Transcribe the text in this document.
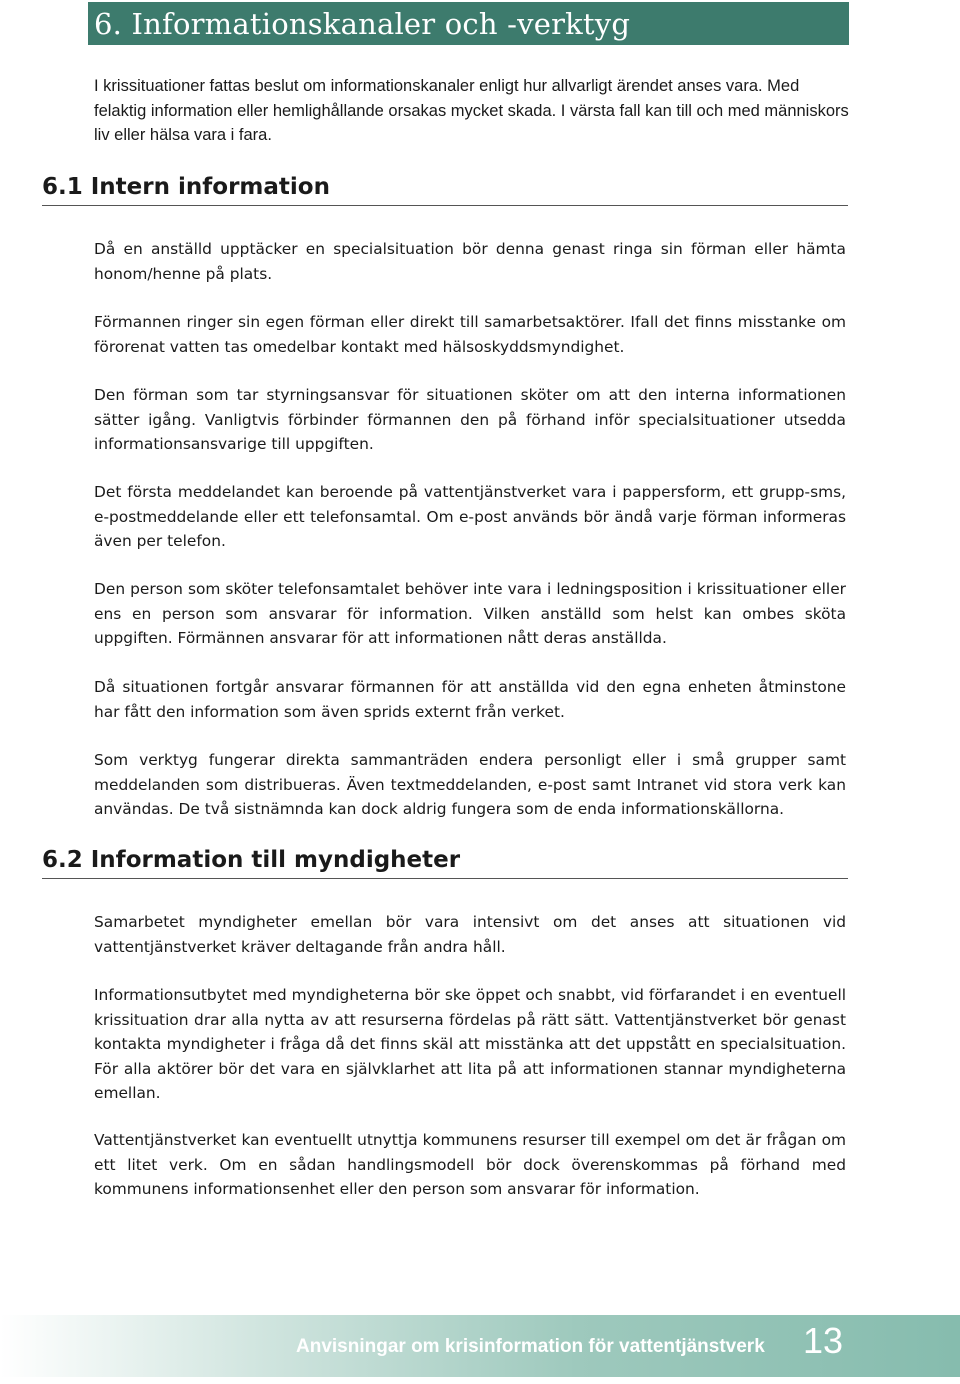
6. Informationskanaler och -verktyg

I krissituationer fattas beslut om informationskanaler enligt hur allvarligt ärendet anses vara. Med felaktig information eller hemlighållande orsakas mycket skada. I värsta fall kan till och med människors liv eller hälsa vara i fara.

6.1 Intern information

Då en anställd upptäcker en specialsituation bör denna genast ringa sin förman eller hämta honom/henne på plats.

Förmannen ringer sin egen förman eller direkt till samarbetsaktörer. Ifall det finns misstanke om förorenat vatten tas omedelbar kontakt med hälsoskyddsmyndighet.

Den förman som tar styrningsansvar för situationen sköter om att den interna informationen sätter igång. Vanligtvis förbinder förmannen den på förhand inför specialsituationer utsedda informationsansvarige till uppgiften.

Det första meddelandet kan beroende på vattentjänstverket vara i pappersform, ett grupp-sms, e-postmeddelande eller ett telefonsamtal. Om e-post används bör ändå varje förman informeras även per telefon.

Den person som sköter telefonsamtalet behöver inte vara i ledningsposition i krissituationer eller ens en person som ansvarar för information. Vilken anställd som helst kan ombes sköta uppgiften. Förmännen ansvarar för att informationen nått deras anställda.

Då situationen fortgår ansvarar förmannen för att anställda vid den egna enheten åtminstone har fått den information som även sprids externt från verket.

Som verktyg fungerar direkta sammanträden endera personligt eller i små grupper samt meddelanden som distribueras. Även textmeddelanden, e-post samt Intranet vid stora verk kan användas. De två sistnämnda kan dock aldrig fungera som de enda informationskällorna.

6.2 Information till myndigheter

Samarbetet myndigheter emellan bör vara intensivt om det anses att situationen vid vattentjänstverket kräver deltagande från andra håll.

Informationsutbytet med myndigheterna bör ske öppet och snabbt, vid förfarandet i en eventuell krissituation drar alla nytta av att resurserna fördelas på rätt sätt. Vattentjänstverket bör genast kontakta myndigheter i fråga då det finns skäl att misstänka att det uppstått en specialsituation. För alla aktörer bör det vara en självklarhet att lita på att informationen stannar myndigheterna emellan.

Vattentjänstverket kan eventuellt utnyttja kommunens resurser till exempel om det är frågan om ett litet verk. Om en sådan handlingsmodell bör dock överenskommas på förhand med kommunens informationsenhet eller den person som ansvarar för information.

Anvisningar om krisinformation för vattentjänstverk 13
